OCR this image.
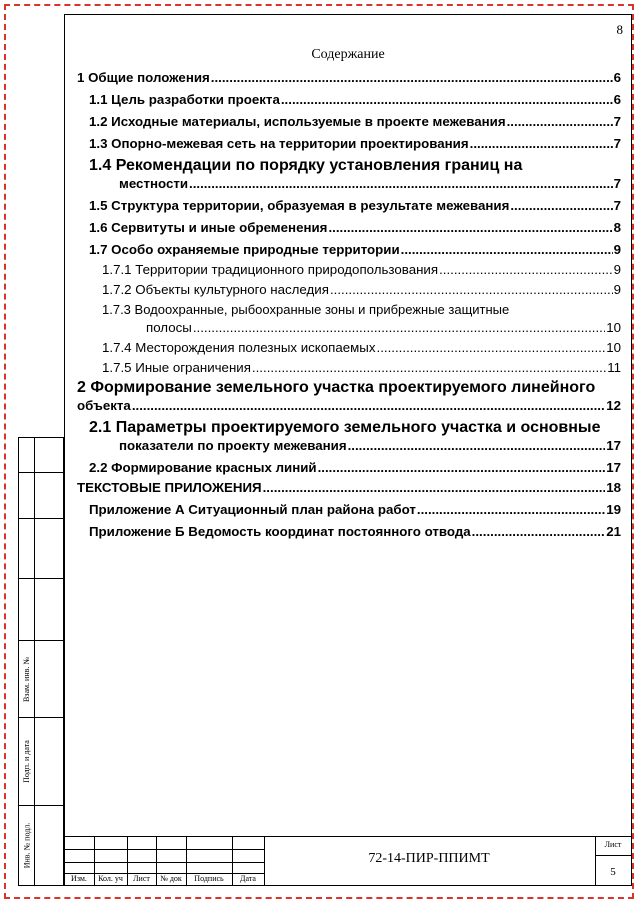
8
Содержание
1 Общие положения .....	6
1.1 Цель разработки проекта .....	6
1.2 Исходные материалы, используемые в проекте межевания .....	7
1.3 Опорно-межевая сеть на территории проектирования .....	7
1.4 Рекомендации по порядку установления границ на
местности .....	7
1.5 Структура территории, образуемая в результате межевания .....	7
1.6 Сервитуты и иные обременения .....	8
1.7 Особо охраняемые природные территории .....	9
1.7.1 Территории традиционного природопользования .....	9
1.7.2 Объекты культурного наследия .....	9
1.7.3 Водоохранные, рыбоохранные зоны и прибрежные защитные
полосы .....	10
1.7.4 Месторождения полезных ископаемых .....	10
1.7.5 Иные ограничения .....	11
2 Формирование земельного участка проектируемого линейного
объекта .....	12
2.1 Параметры проектируемого земельного участка и основные
показатели по проекту межевания .....	17
2.2 Формирование красных линий .....	17
ТЕКСТОВЫЕ ПРИЛОЖЕНИЯ .....	18
Приложение А Ситуационный план района работ .....	19
Приложение Б Ведомость координат постоянного отвода .....	21
Взам. инв. №
Подп. и дата
Инв. № подл.
Изм.	Кол. уч	Лист	№ док	Подпись	Дата
72-14-ПИР-ППИМТ
Лист
5
